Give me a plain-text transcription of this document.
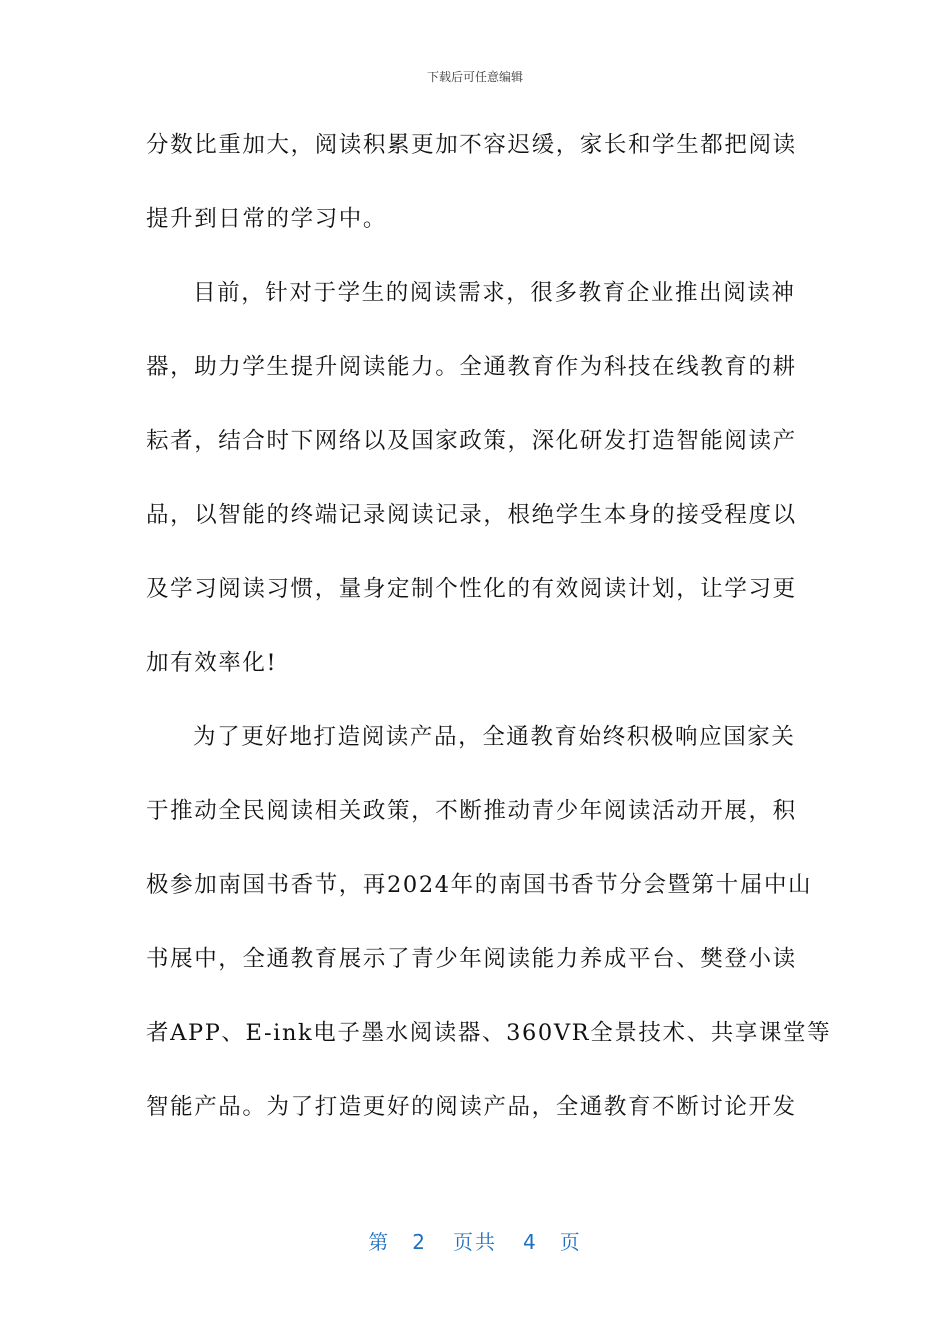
下载后可任意编辑
分数比重加大，阅读积累更加不容迟缓，家长和学生都把阅读
提升到日常的学习中。
目前，针对于学生的阅读需求，很多教育企业推出阅读神
器，助力学生提升阅读能力。全通教育作为科技在线教育的耕
耘者，结合时下网络以及国家政策，深化研发打造智能阅读产
品，以智能的终端记录阅读记录，根绝学生本身的接受程度以
及学习阅读习惯，量身定制个性化的有效阅读计划，让学习更
加有效率化!
为了更好地打造阅读产品，全通教育始终积极响应国家关
于推动全民阅读相关政策，不断推动青少年阅读活动开展，积
极参加南国书香节，再2024年的南国书香节分会暨第十届中山
书展中，全通教育展示了青少年阅读能力养成平台、樊登小读
者APP、E-ink电子墨水阅读器、360VR全景技术、共享课堂等
智能产品。为了打造更好的阅读产品，全通教育不断讨论开发
第 2 页共 4 页
